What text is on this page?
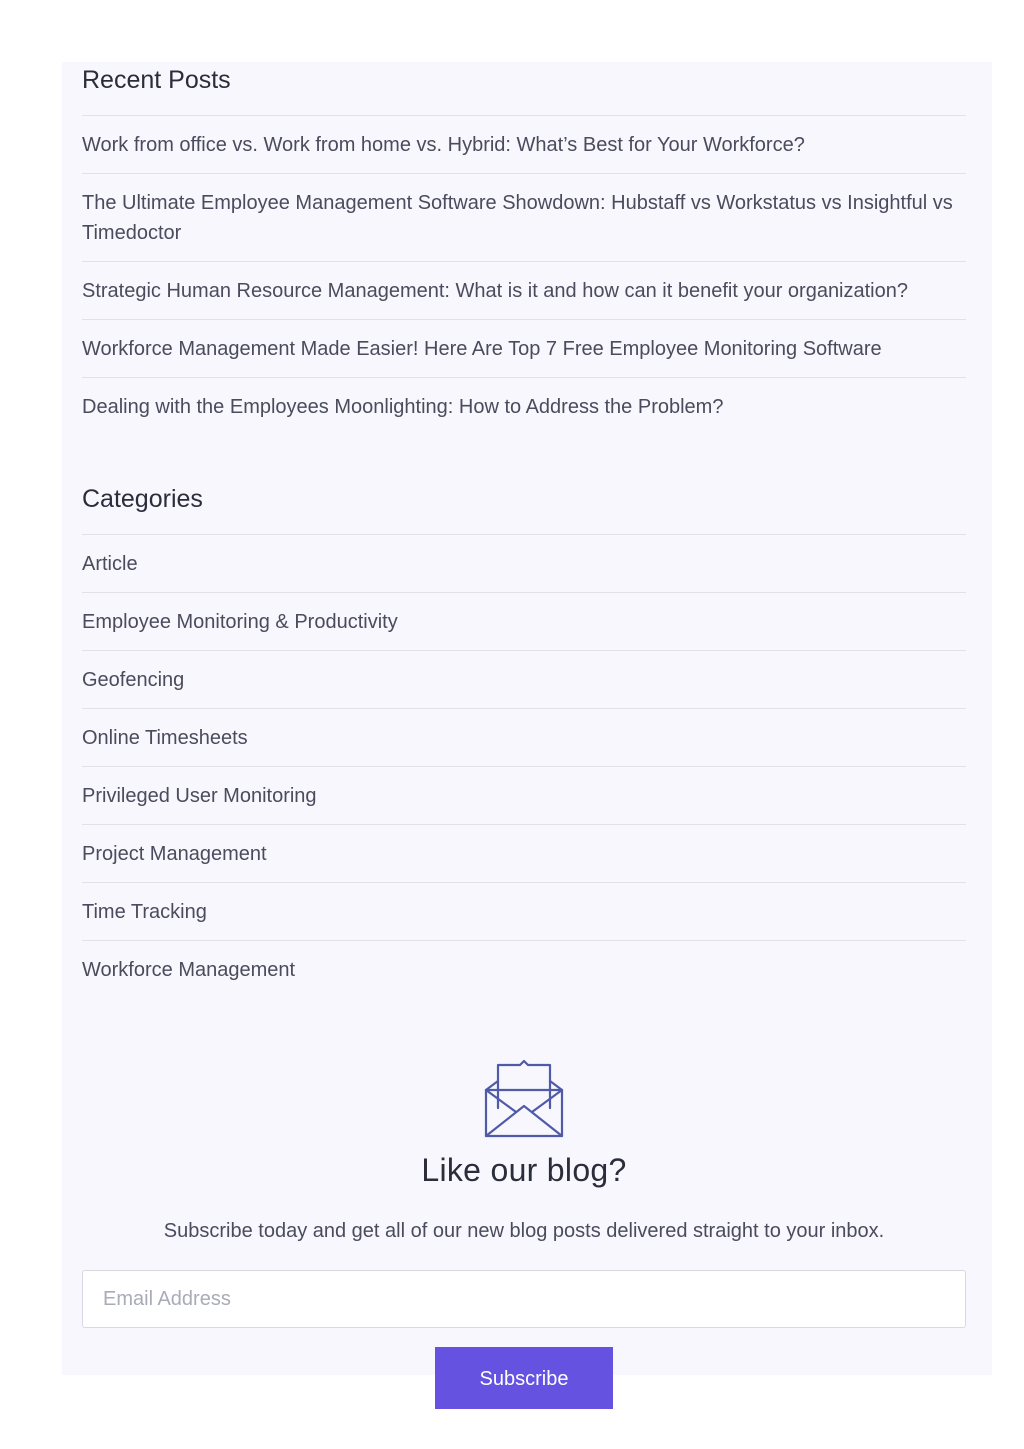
Recent Posts
Work from office vs. Work from home vs. Hybrid: What’s Best for Your Workforce?
The Ultimate Employee Management Software Showdown: Hubstaff vs Workstatus vs Insightful vs Timedoctor
Strategic Human Resource Management: What is it and how can it benefit your organization?
Workforce Management Made Easier! Here Are Top 7 Free Employee Monitoring Software
Dealing with the Employees Moonlighting: How to Address the Problem?
Categories
Article
Employee Monitoring & Productivity
Geofencing
Online Timesheets
Privileged User Monitoring
Project Management
Time Tracking
Workforce Management
Like our blog?

Subscribe today and get all of our new blog posts delivered straight to your inbox.

Email Address
Subscribe
